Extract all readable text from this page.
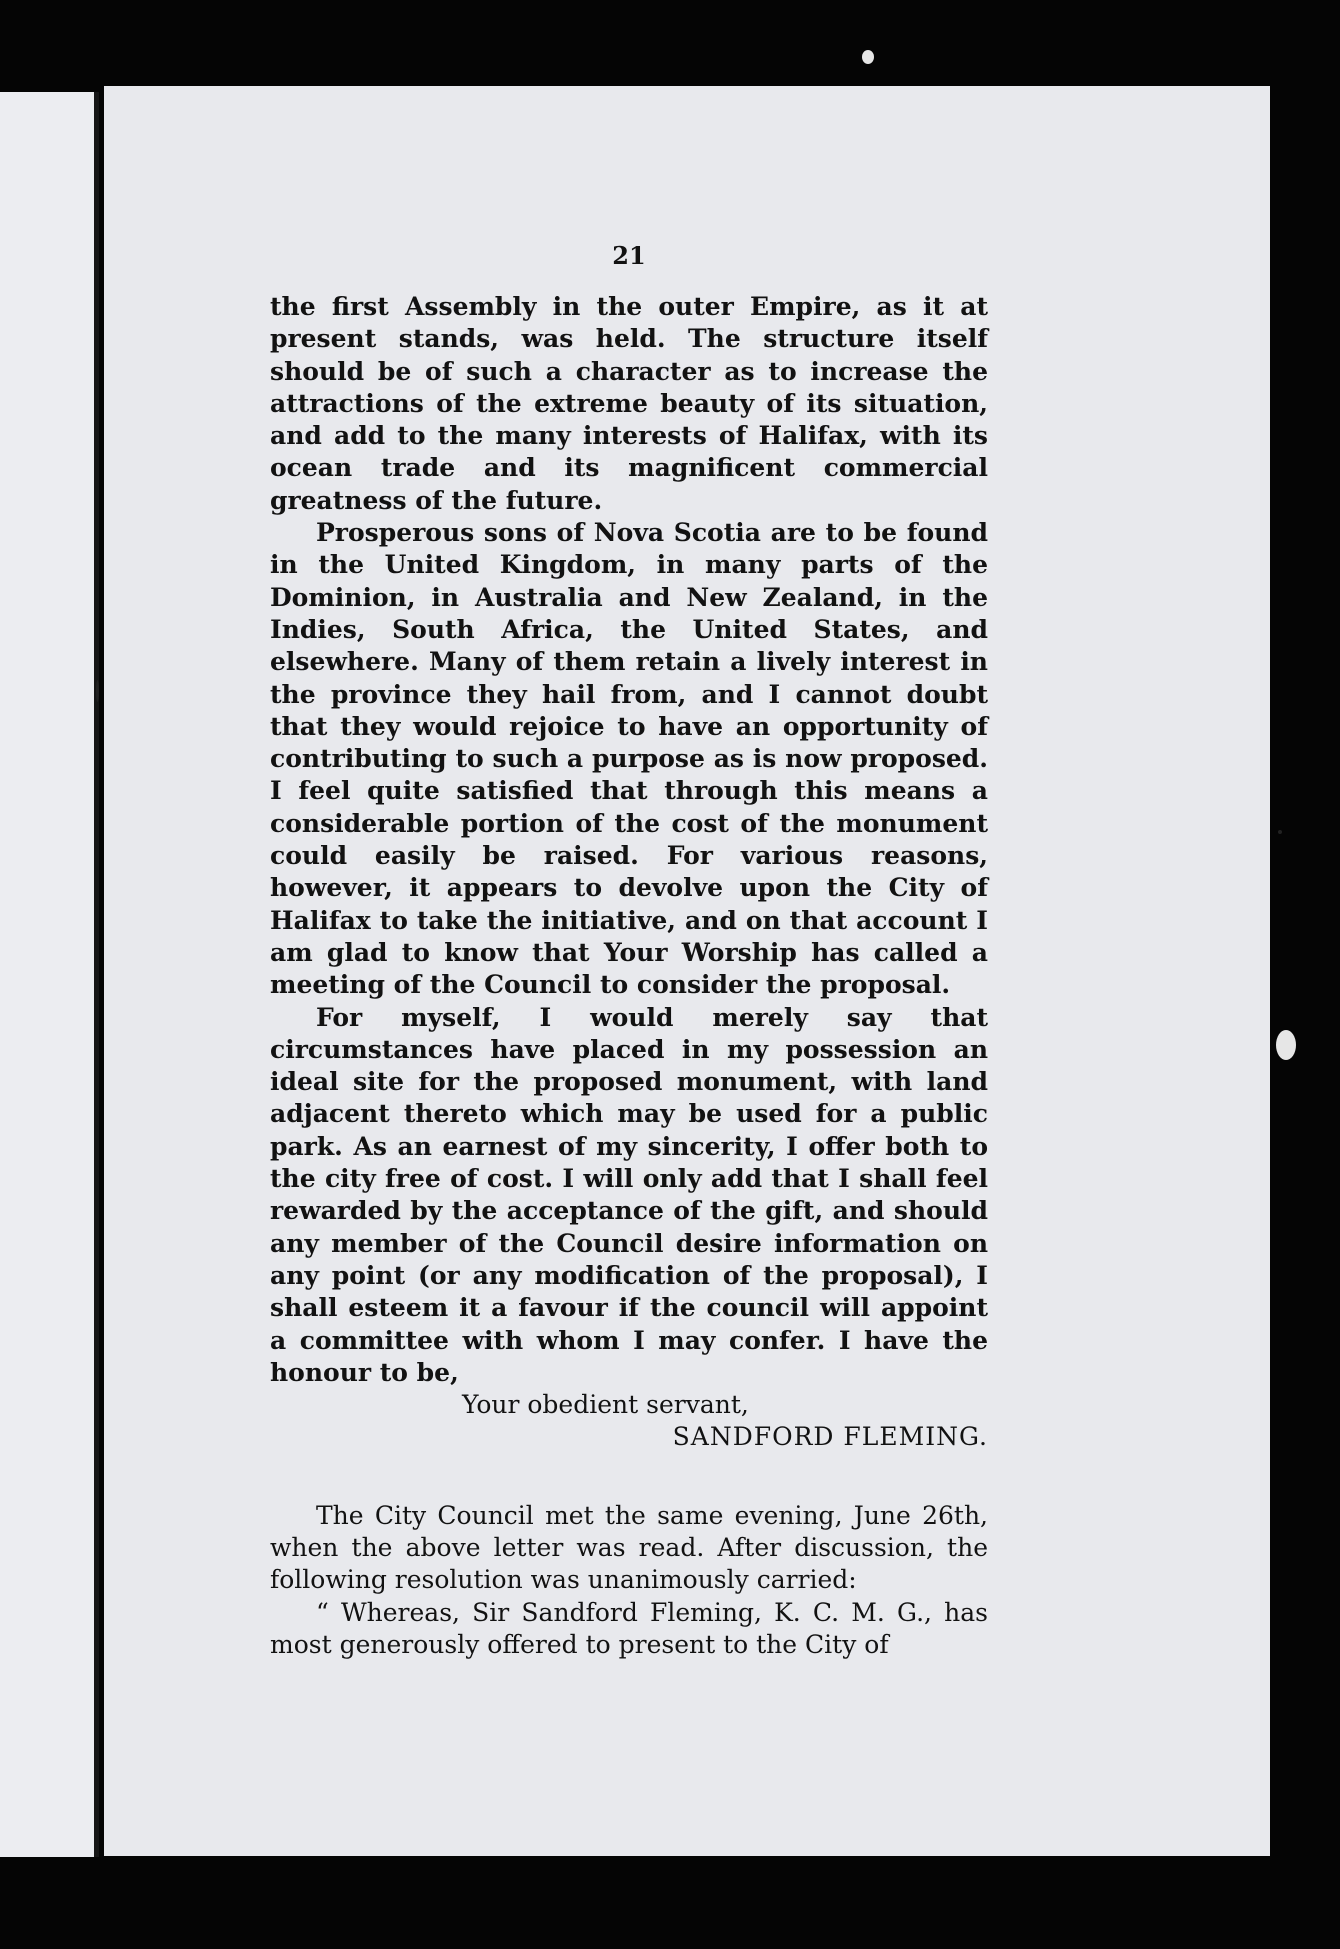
21

the first Assembly in the outer Empire, as it at present stands, was held. The structure itself should be of such a character as to increase the attractions of the extreme beauty of its situation, and add to the many interests of Halifax, with its ocean trade and its magnificent commercial greatness of the future.

Prosperous sons of Nova Scotia are to be found in the United Kingdom, in many parts of the Dominion, in Australia and New Zealand, in the Indies, South Africa, the United States, and elsewhere. Many of them retain a lively interest in the province they hail from, and I cannot doubt that they would rejoice to have an opportunity of contributing to such a purpose as is now proposed. I feel quite satisfied that through this means a considerable portion of the cost of the monument could easily be raised. For various reasons, however, it appears to devolve upon the City of Halifax to take the initiative, and on that account I am glad to know that Your Worship has called a meeting of the Council to consider the proposal.

For myself, I would merely say that circumstances have placed in my possession an ideal site for the proposed monument, with land adjacent thereto which may be used for a public park. As an earnest of my sincerity, I offer both to the city free of cost. I will only add that I shall feel rewarded by the acceptance of the gift, and should any member of the Council desire information on any point (or any modification of the proposal), I shall esteem it a favour if the council will appoint a committee with whom I may confer. I have the honour to be,

Your obedient servant,

SANDFORD FLEMING.

The City Council met the same evening, June 26th, when the above letter was read. After discussion, the following resolution was unanimously carried:

“ Whereas, Sir Sandford Fleming, K. C. M. G., has most generously offered to present to the City of
